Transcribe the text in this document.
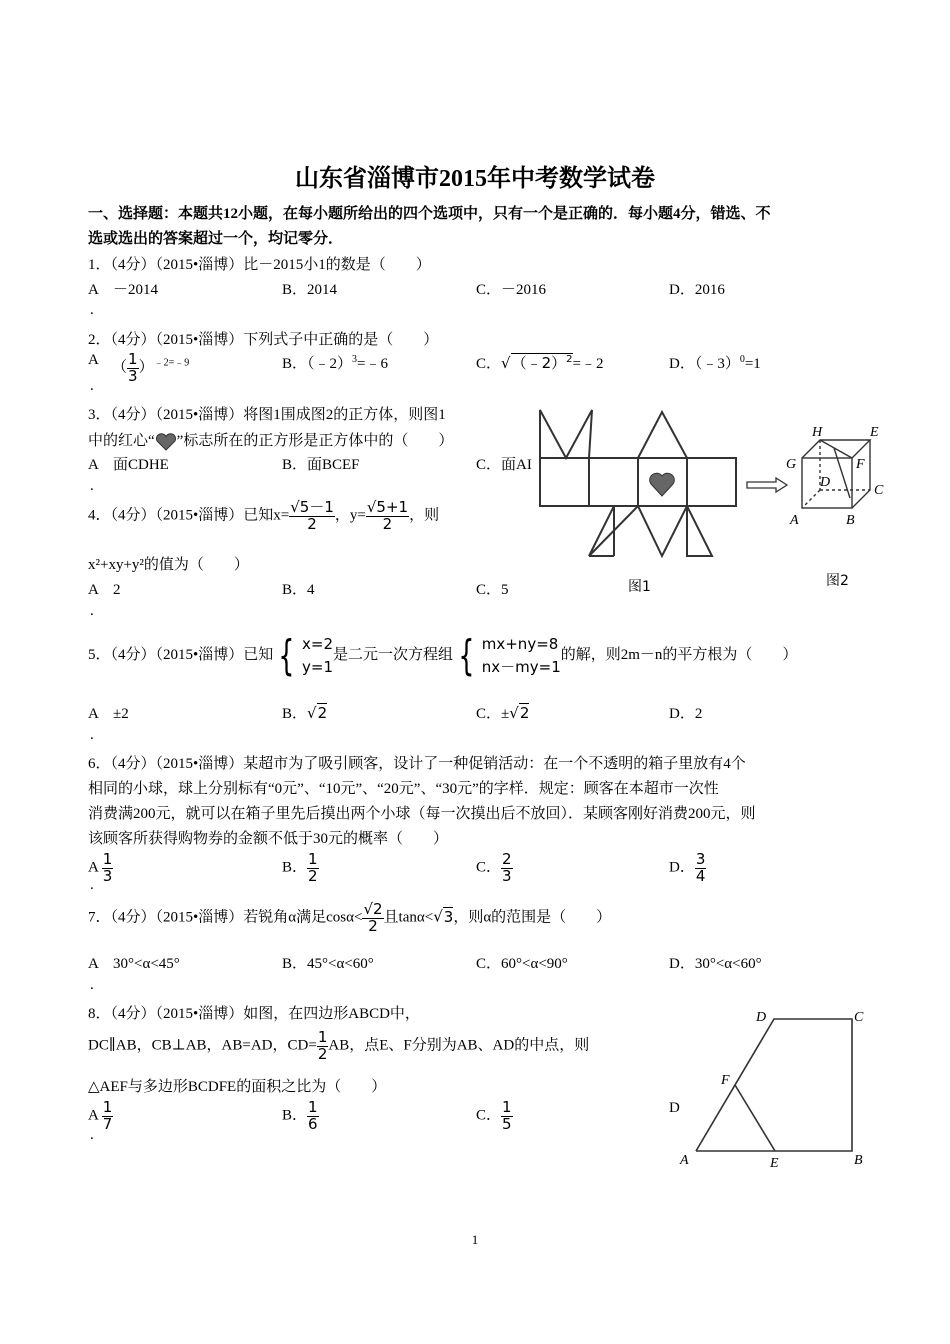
山东省淄博市2015年中考数学试卷
一、选择题：本题共12小题，在每小题所给出的四个选项中，只有一个是正确的．每小题4分，错选、不
选或选出的答案超过一个，均记零分．
1．（4分）（2015•淄博）比－2015小1的数是（　　）
A　－2014	B．2014	C．－2016	D．2016
.
2．（4分）（2015•淄博）下列式子中正确的是（　　）
A （ $\frac{1}{3} )^{﹣2=﹣9}$
.
B．（﹣2）$^3$=﹣6	C．√（﹣2）$^2$=﹣2	D．（﹣3）$^0$=1
3．（4分）（2015•淄博）将图1围成图2的正方体，则图1
中的红心“ ”标志所在的正方形是正方体中的（　　）
A　面CDHE	B．面BCEF	C．面AI
.
H	E
G	F
D
C
A	B
图1	图2
4．（4分）（2015•淄博）已知$x= \frac{√5-1}{2}$ ，$y= \frac{√5+1}{2}$ ，则
x²+xy+y²的值为（　　）
A　2	B．4	C．5
.
5．（4分）（2015•淄博）已知 { x=2
y=1
是二元一次方程组 { mx+ny=8
nx－my=1
的解，则2m－n的平方根为（　　）
A　±2	B．√2	C．±√2	D．2
.
6．（4分）（2015•淄博）某超市为了吸引顾客，设计了一种促销活动：在一个不透明的箱子里放有4个
相同的小球，球上分别标有“0元”、“10元”、“20元”、“30元”的字样．规定：顾客在本超市一次性
消费满200元，就可以在箱子里先后摸出两个小球（每一次摸出后不放回）．某顾客刚好消费200元，则
该顾客所获得购物券的金额不低于30元的概率（　　）
A $\frac{1}{3}$
.
B． $\frac{1}{2}$	C． $\frac{2}{3}$	D． $\frac{3}{4}$
7．（4分）（2015•淄博）若锐角α满足$\cos\alpha< \frac{√2}{2}$ 且tanα<√3，则α的范围是（　　）
A　30°<α<45°	B．45°<α<60°	C．60°<α<90°	D．30°<α<60°
.
8．（4分）（2015•淄博）如图，在四边形ABCD中，
DC∥AB，CB⊥AB，AB=AD，$CD= \frac{1}{2}$ AB，点E、F分别为AB、AD的中点，则
△AEF与多边形BCDFE的面积之比为（　　）
A $\frac{1}{7}$
.
B． $\frac{1}{6}$	C． $\frac{1}{5}$	D
D	C
F
A	E	B
1
